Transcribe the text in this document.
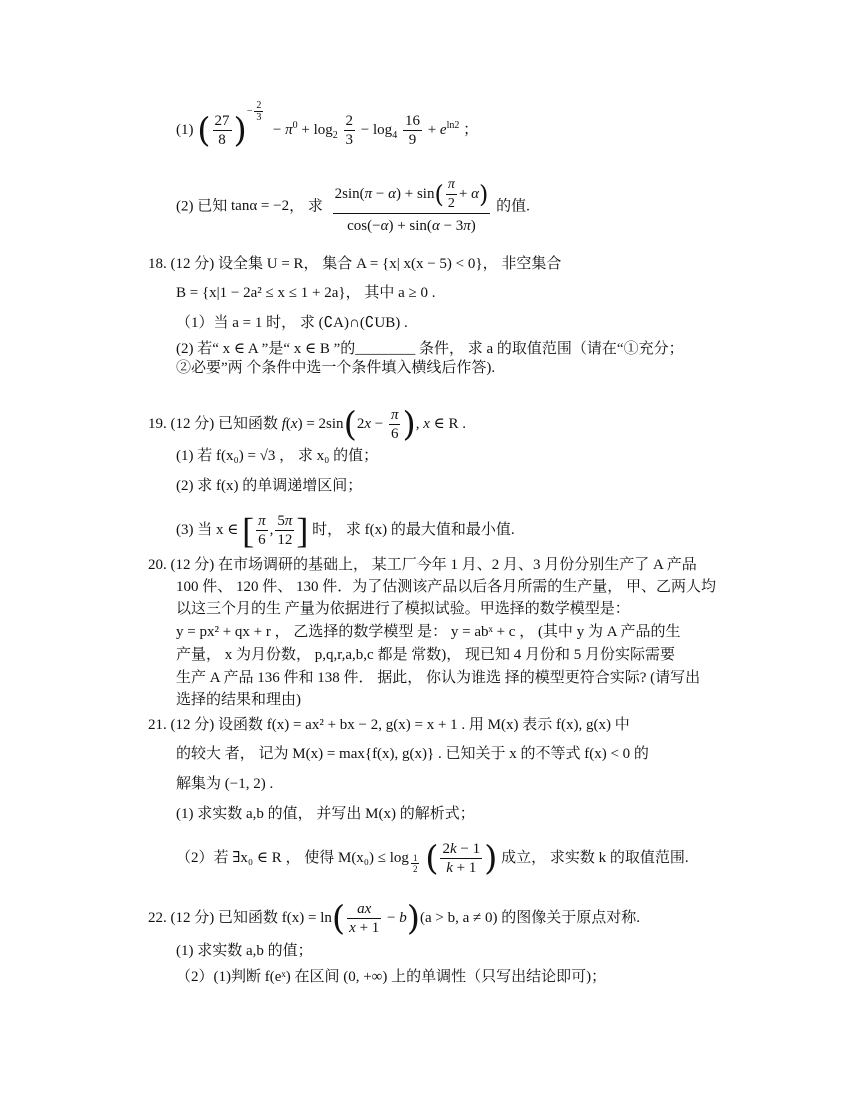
(1) ( $\frac{27}{8} )^{- \frac{2}{3}}$
− $\pi^0 + \log_2 \frac{2}{3} - \log_4 \frac{16}{9} + e^{ln2}$ ；
(2) 已知 tanα = −2， 求 $\frac{2\sin(\pi - \alpha) + \sin( \frac{\pi}{2} + \alpha)}{\cos(-\alpha) + \sin(\alpha - 3\pi)}$ 的值.
18. (12 分) 设全集 U = R， 集合 A = {x| x(x − 5) < 0}， 非空集合
B = {x|1 − 2a² ≤ x ≤ 1 + 2a}， 其中 a ≥ 0 .
（1）当 a = 1 时， 求 (∁A)∩(∁UB) .
(2) 若“ x ∈ A ”是“ x ∈ B ”的________ 条件， 求 a 的取值范围（请在“①充分；
②必要”两 个条件中选一个条件填入横线后作答).
19. (12 分) 已知函数 $f(x) = 2\sin(2x - \frac{\pi}{6}$ ), x ∈ R .
(1) 若 f(x₀) = √3 ， 求 x₀ 的值；
(2) 求 f(x) 的单调递增区间；
(3) 当 x ∈ [ $\frac{\pi}{6}$ , $\frac{5\pi}{12}$ ] 时， 求 f(x) 的最大值和最小值.
20. (12 分) 在市场调研的基础上， 某工厂今年 1 月、2 月、3 月份分别生产了 A 产品
100 件、 120 件、 130 件．为了估测该产品以后各月所需的生产量， 甲、乙两人均
以这三个月的生 产量为依据进行了模拟试验。甲选择的数学模型是：
y = px² + qx + r ， 乙选择的数学模型 是： y = abˣ + c ， (其中 y 为 A 产品的生
产量， x 为月份数， p,q,r,a,b,c 都是 常数)， 现已知 4 月份和 5 月份实际需要
生产 A 产品 136 件和 138 件． 据此， 你认为谁选 择的模型更符合实际? (请写出
选择的结果和理由)
21. (12 分) 设函数 f(x) = ax² + bx − 2, g(x) = x + 1 . 用 M(x) 表示 f(x), g(x) 中
的较大 者， 记为 M(x) = max{f(x), g(x)} . 已知关于 x 的不等式 f(x) < 0 的
解集为 (−1, 2) .
(1) 求实数 a,b 的值， 并写出 M(x) 的解析式；
（2）若 ∃x₀ ∈ R ， 使得 M(x₀) ≤ log $_{\frac{1}{2}}$ ( $\frac{2k - 1}{k + 1}$ ) 成立， 求实数 k 的取值范围.
22. (12 分) 已知函数 $f(x) = \ln( \frac{ax}{x + 1} - b)(a > b$, a ≠ 0) 的图像关于原点对称.
(1) 求实数 a,b 的值；
（2）(1)判断 f(eˣ) 在区间 (0, +∞) 上的单调性（只写出结论即可)；
